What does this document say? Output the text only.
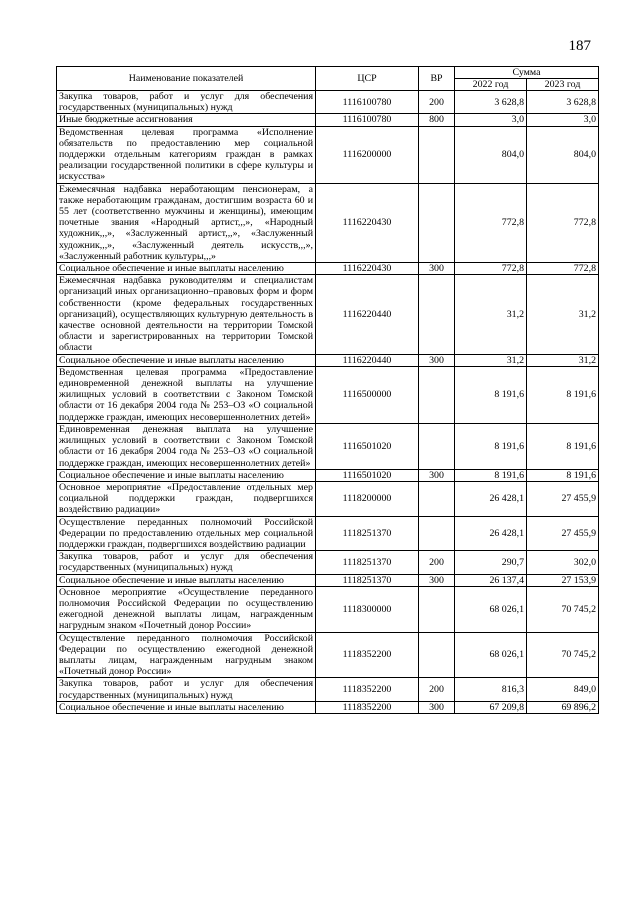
187
Наименование показателей	ЦСР	ВР	Сумма	
			2022 год	2023 год
Закупка товаров, работ и услуг для обеспечения государственных (муниципальных) нужд	1116100780	200	3 628,8	3 628,8
Иные бюджетные ассигнования	1116100780	800	3,0	3,0
Ведомственная целевая программа «Исполнение обязательств по предоставлению мер социальной поддержки отдельным категориям граждан в рамках реализации государственной политики в сфере культуры и искусства»	1116200000		804,0	804,0
Ежемесячная надбавка неработающим пенсионерам, а также неработающим гражданам, достигшим возраста 60 и 55 лет (соответственно мужчины и женщины), имеющим почетные звания «Народный артист,,,», «Народный художник,,,», «Заслуженный артист,,,», «Заслуженный художник,,,», «Заслуженный деятель искусств,,,», «Заслуженный работник культуры,,,»	1116220430		772,8	772,8
Социальное обеспечение и иные выплаты населению	1116220430	300	772,8	772,8
Ежемесячная надбавка руководителям и специалистам организаций иных организационно–правовых форм и форм собственности (кроме федеральных государственных организаций), осуществляющих культурную деятельность в качестве основной деятельности на территории Томской области и зарегистрированных на территории Томской области	1116220440		31,2	31,2
Социальное обеспечение и иные выплаты населению	1116220440	300	31,2	31,2
Ведомственная целевая программа «Предоставление единовременной денежной выплаты на улучшение жилищных условий в соответствии с Законом Томской области от 16 декабря 2004 года № 253–ОЗ «О социальной поддержке граждан, имеющих несовершеннолетних детей»	1116500000		8 191,6	8 191,6
Единовременная денежная выплата на улучшение жилищных условий в соответствии с Законом Томской области от 16 декабря 2004 года № 253–ОЗ «О социальной поддержке граждан, имеющих несовершеннолетних детей»	1116501020		8 191,6	8 191,6
Социальное обеспечение и иные выплаты населению	1116501020	300	8 191,6	8 191,6
Основное мероприятие «Предоставление отдельных мер социальной поддержки граждан, подвергшихся воздействию радиации»	1118200000		26 428,1	27 455,9
Осуществление переданных полномочий Российской Федерации по предоставлению отдельных мер социальной поддержки граждан, подвергшихся воздействию радиации	1118251370		26 428,1	27 455,9
Закупка товаров, работ и услуг для обеспечения государственных (муниципальных) нужд	1118251370	200	290,7	302,0
Социальное обеспечение и иные выплаты населению	1118251370	300	26 137,4	27 153,9
Основное мероприятие «Осуществление переданного полномочия Российской Федерации по осуществлению ежегодной денежной выплаты лицам, награжденным нагрудным знаком «Почетный донор России»	1118300000		68 026,1	70 745,2
Осуществление переданного полномочия Российской Федерации по осуществлению ежегодной денежной выплаты лицам, награжденным нагрудным знаком «Почетный донор России»	1118352200		68 026,1	70 745,2
Закупка товаров, работ и услуг для обеспечения государственных (муниципальных) нужд	1118352200	200	816,3	849,0
Социальное обеспечение и иные выплаты населению	1118352200	300	67 209,8	69 896,2
